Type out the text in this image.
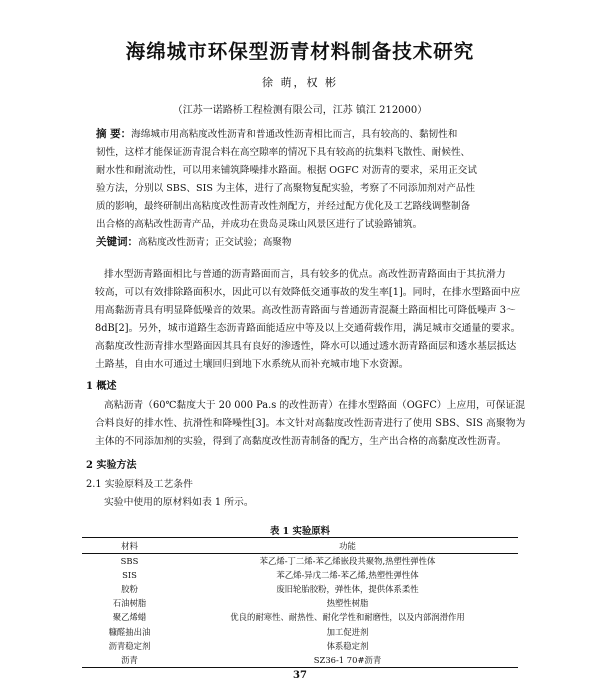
海绵城市环保型沥青材料制备技术研究
徐 萌，权 彬
（江苏一诺路桥工程检测有限公司，江苏 镇江 212000）
摘 要：海绵城市用高粘度改性沥青和普通改性沥青相比而言，具有较高的、黏韧性和
韧性，这样才能保证沥青混合料在高空隙率的情况下具有较高的抗集料飞散性、耐候性、
耐水性和耐流动性，可以用来铺筑降噪排水路面。根据 OGFC 对沥青的要求，采用正交试
验方法，分别以 SBS、SIS 为主体，进行了高聚物复配实验，考察了不同添加剂对产品性
质的影响，最终研制出高粘度改性沥青改性剂配方，并经过配方优化及工艺路线调整制备
出合格的高粘改性沥青产品，并成功在贵岛灵珠山风景区进行了试验路铺筑。
关键词：高粘度改性沥青；正交试验；高聚物
排水型沥青路面相比与普通的沥青路面而言，具有较多的优点。高改性沥青路面由于其抗滑力
较高，可以有效排除路面积水，因此可以有效降低交通事故的发生率[1]。同时，在排水型路面中应
用高黏沥青具有明显降低噪音的效果。高改性沥青路面与普通沥青混凝土路面相比可降低噪声 3～
8dB[2]。另外，城市道路生态沥青路面能适应中等及以上交通荷载作用，满足城市交通量的要求。
高黏度改性沥青排水型路面因其具有良好的渗透性，降水可以通过透水沥青路面层和透水基层抵达
土路基，自由水可通过土壤回归到地下水系统从而补充城市地下水资源。
1 概述
高粘沥青（60℃黏度大于 20 000 Pa.s 的改性沥青）在排水型路面（OGFC）上应用，可保证混
合料良好的排水性、抗滑性和降噪性[3]。本文针对高黏度改性沥青进行了使用 SBS、SIS 高聚物为
主体的不同添加剂的实验，得到了高黏度改性沥青制备的配方，生产出合格的高黏度改性沥青。
2 实验方法
2.1 实验原料及工艺条件
实验中使用的原材料如表 1 所示。
表 1 实验原料
材料	功能
SBS	苯乙烯-丁二烯-苯乙烯嵌段共聚物,热塑性弹性体
SIS	苯乙烯-异戊二烯-苯乙烯,热塑性弹性体
胶粉	废旧轮胎胶粉，弹性体，提供体系柔性
石油树脂	热塑性树脂
聚乙烯蜡	优良的耐寒性、耐热性、耐化学性和耐磨性，以及内部润滑作用
糠醛抽出油	加工促进剂
沥青稳定剂	体系稳定剂
沥青	SZ36-1 70#沥青
37
